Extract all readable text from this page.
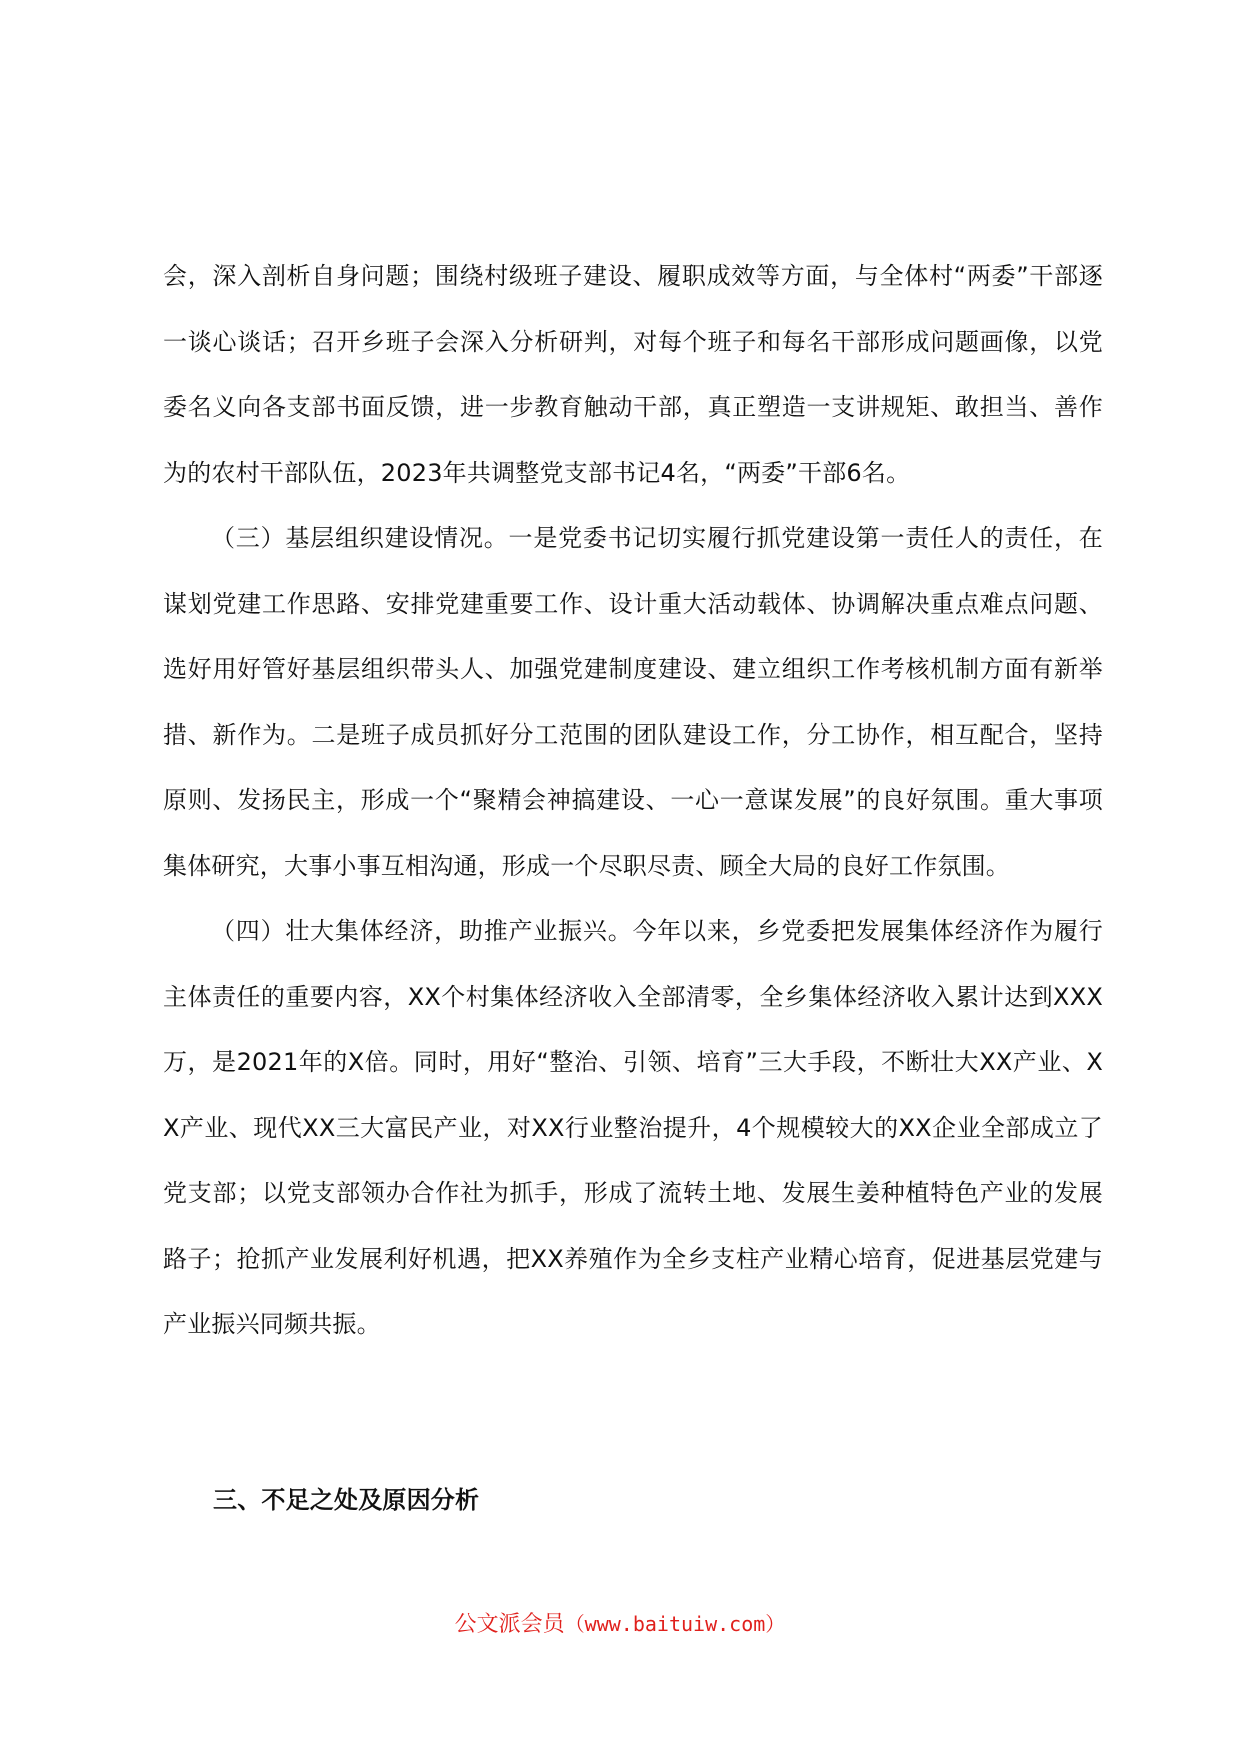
会，深入剖析自身问题；围绕村级班子建设、履职成效等方面，与全体村“两委”干部逐一谈心谈话；召开乡班子会深入分析研判，对每个班子和每名干部形成问题画像，以党委名义向各支部书面反馈，进一步教育触动干部，真正塑造一支讲规矩、敢担当、善作为的农村干部队伍，2023年共调整党支部书记4名，“两委”干部6名。

（三）基层组织建设情况。一是党委书记切实履行抓党建设第一责任人的责任，在谋划党建工作思路、安排党建重要工作、设计重大活动载体、协调解决重点难点问题、选好用好管好基层组织带头人、加强党建制度建设、建立组织工作考核机制方面有新举措、新作为。二是班子成员抓好分工范围的团队建设工作，分工协作，相互配合，坚持原则、发扬民主，形成一个“聚精会神搞建设、一心一意谋发展”的良好氛围。重大事项集体研究，大事小事互相沟通，形成一个尽职尽责、顾全大局的良好工作氛围。

（四）壮大集体经济，助推产业振兴。今年以来，乡党委把发展集体经济作为履行主体责任的重要内容，XX个村集体经济收入全部清零，全乡集体经济收入累计达到XXX万，是2021年的X倍。同时，用好“整治、引领、培育”三大手段，不断壮大XX产业、XX产业、现代XX三大富民产业，对XX行业整治提升，4个规模较大的XX企业全部成立了党支部；以党支部领办合作社为抓手，形成了流转土地、发展生姜种植特色产业的发展路子；抢抓产业发展利好机遇，把XX养殖作为全乡支柱产业精心培育，促进基层党建与产业振兴同频共振。

三、不足之处及原因分析
公文派会员（www.baituiw.com）
